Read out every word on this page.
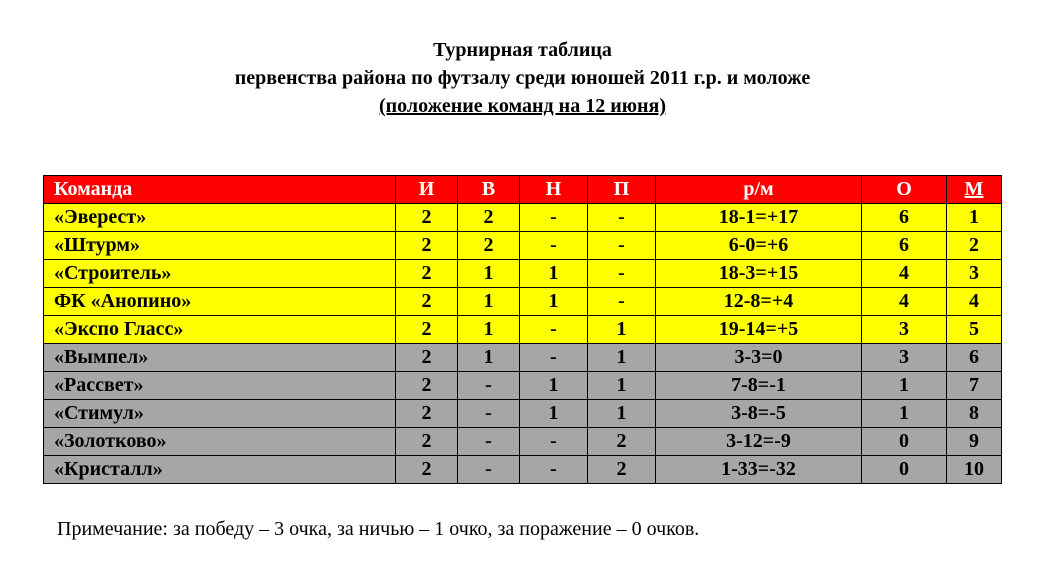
Турнирная таблица
первенства района по футзалу среди юношей 2011 г.р. и моложе
(положение команд на 12 июня)
Команда	И	В	Н	П	р/м	О	М
«Эверест»	2	2	-	-	18-1=+17	6	1
«Штурм»	2	2	-	-	6-0=+6	6	2
«Строитель»	2	1	1	-	18-3=+15	4	3
ФК «Анопино»	2	1	1	-	12-8=+4	4	4
«Экспо Гласс»	2	1	-	1	19-14=+5	3	5
«Вымпел»	2	1	-	1	3-3=0	3	6
«Рассвет»	2	-	1	1	7-8=-1	1	7
«Стимул»	2	-	1	1	3-8=-5	1	8
«Золотково»	2	-	-	2	3-12=-9	0	9
«Кристалл»	2	-	-	2	1-33=-32	0	10
Примечание: за победу – 3 очка, за ничью – 1 очко, за поражение – 0 очков.
